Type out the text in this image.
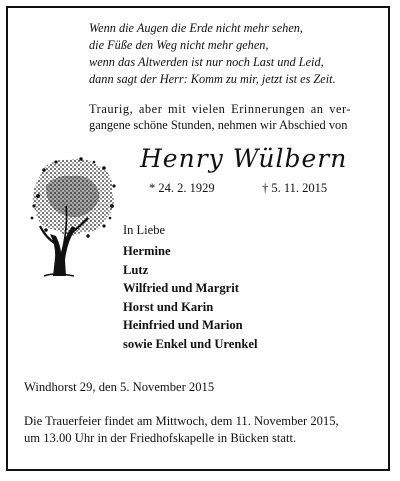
Wenn die Augen die Erde nicht mehr sehen,
die Füße den Weg nicht mehr gehen,
wenn das Altwerden ist nur noch Last und Leid,
dann sagt der Herr: Komm zu mir, jetzt ist es Zeit.
Traurig, aber mit vielen Erinnerungen an ver-
gangene schöne Stunden, nehmen wir Abschied von
Henry Wülbern
* 24. 2. 1929	† 5. 11. 2015
In Liebe
Hermine
Lutz
Wilfried und Margrit
Horst und Karin
Heinfried und Marion
sowie Enkel und Urenkel
Windhorst 29, den 5. November 2015
Die Trauerfeier findet am Mittwoch, dem 11. November 2015,
um 13.00 Uhr in der Friedhofskapelle in Bücken statt.
